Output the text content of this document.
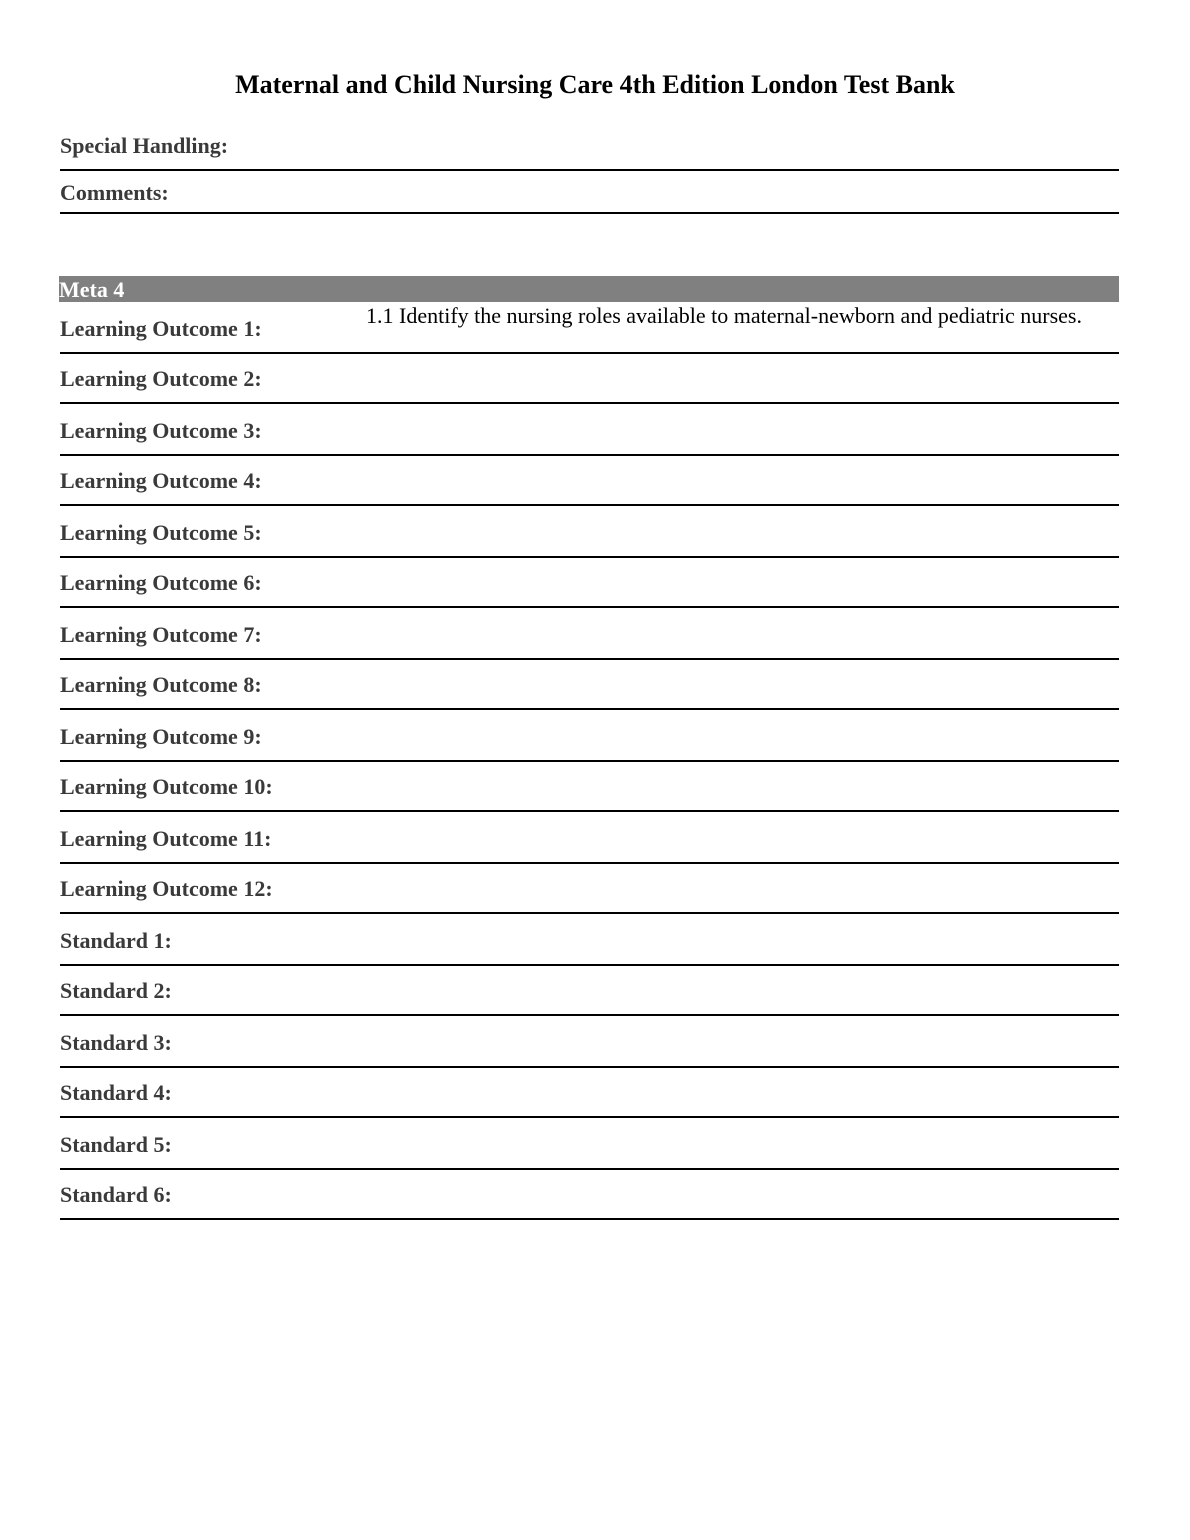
Maternal and Child Nursing Care 4th Edition London Test Bank
Special Handling:
Comments:
Meta 4
Learning Outcome 1:
1.1 Identify the nursing roles available to maternal-newborn and pediatric nurses.
Learning Outcome 2:
Learning Outcome 3:
Learning Outcome 4:
Learning Outcome 5:
Learning Outcome 6:
Learning Outcome 7:
Learning Outcome 8:
Learning Outcome 9:
Learning Outcome 10:
Learning Outcome 11:
Learning Outcome 12:
Standard 1:
Standard 2:
Standard 3:
Standard 4:
Standard 5:
Standard 6:
